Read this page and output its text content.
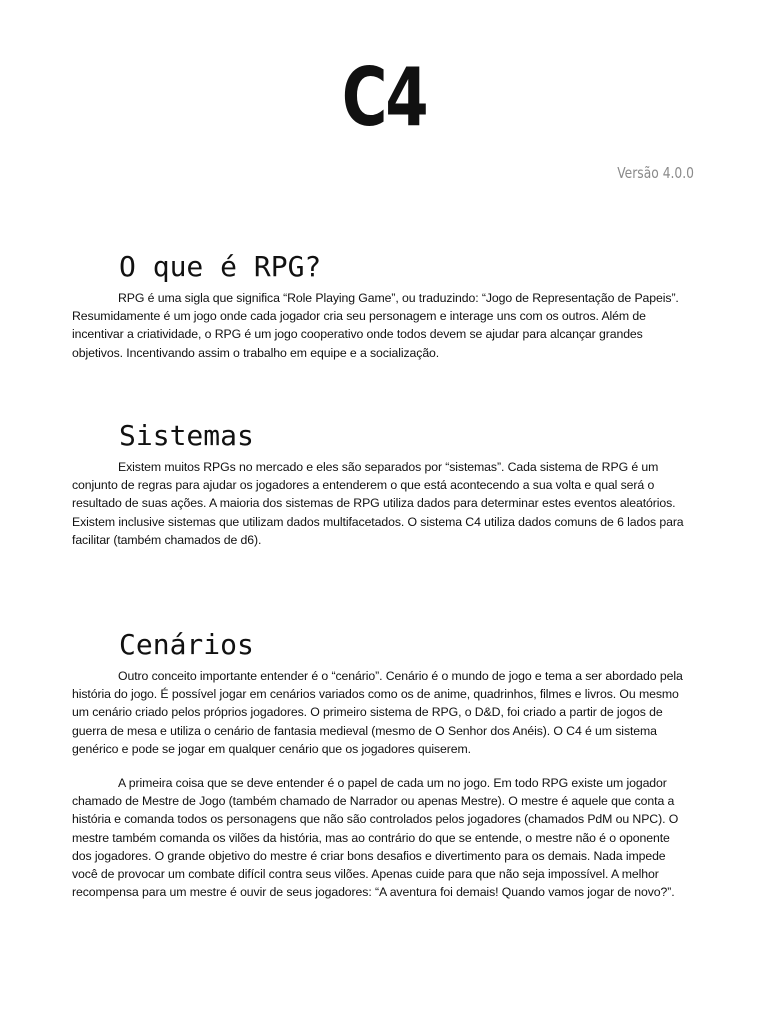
C4
Versão 4.0.0
O que é RPG?

RPG é uma sigla que significa “Role Playing Game”, ou traduzindo: “Jogo de Representação de Papeis”. Resumidamente é um jogo onde cada jogador cria seu personagem e interage uns com os outros. Além de incentivar a criatividade, o RPG é um jogo cooperativo onde todos devem se ajudar para alcançar grandes objetivos. Incentivando assim o trabalho em equipe e a socialização.

Sistemas

Existem muitos RPGs no mercado e eles são separados por “sistemas”. Cada sistema de RPG é um conjunto de regras para ajudar os jogadores a entenderem o que está acontecendo a sua volta e qual será o resultado de suas ações. A maioria dos sistemas de RPG utiliza dados para determinar estes eventos aleatórios. Existem inclusive sistemas que utilizam dados multifacetados. O sistema C4 utiliza dados comuns de 6 lados para facilitar (também chamados de d6).

Cenários

Outro conceito importante entender é o “cenário”. Cenário é o mundo de jogo e tema a ser abordado pela história do jogo. É possível jogar em cenários variados como os de anime, quadrinhos, filmes e livros. Ou mesmo um cenário criado pelos próprios jogadores. O primeiro sistema de RPG, o D&D, foi criado a partir de jogos de guerra de mesa e utiliza o cenário de fantasia medieval (mesmo de O Senhor dos Anéis). O C4 é um sistema genérico e pode se jogar em qualquer cenário que os jogadores quiserem.

A primeira coisa que se deve entender é o papel de cada um no jogo. Em todo RPG existe um jogador chamado de Mestre de Jogo (também chamado de Narrador ou apenas Mestre). O mestre é aquele que conta a história e comanda todos os personagens que não são controlados pelos jogadores (chamados PdM ou NPC). O mestre também comanda os vilões da história, mas ao contrário do que se entende, o mestre não é o oponente dos jogadores. O grande objetivo do mestre é criar bons desafios e divertimento para os demais. Nada impede você de provocar um combate difícil contra seus vilões. Apenas cuide para que não seja impossível. A melhor recompensa para um mestre é ouvir de seus jogadores: “A aventura foi demais! Quando vamos jogar de novo?”.
